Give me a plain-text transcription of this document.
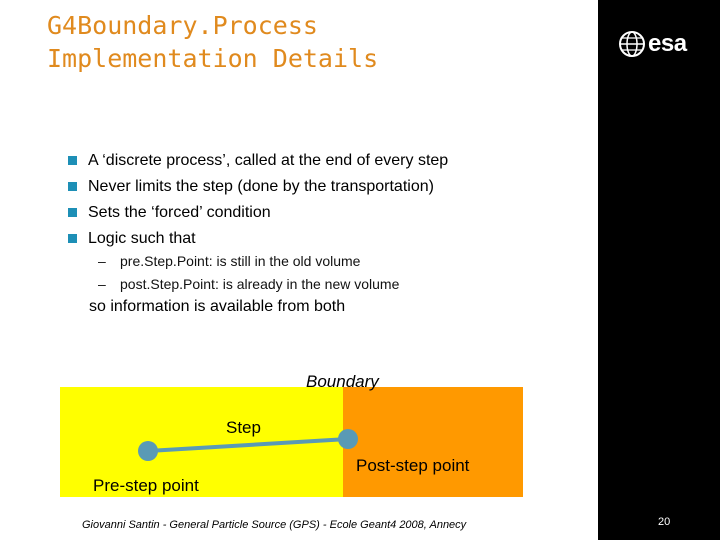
G4Boundary.Process
Implementation Details
esa
A ‘discrete process’, called at the end of every step
Never limits the step (done by the transportation)
Sets the ‘forced’ condition
Logic such that
– pre.Step.Point: is still in the old volume
– post.Step.Point: is already in the new volume
so information is available from both
Boundary
Step
Pre-step point
Post-step point
Giovanni Santin - General Particle Source (GPS) - Ecole Geant4 2008, Annecy	20
